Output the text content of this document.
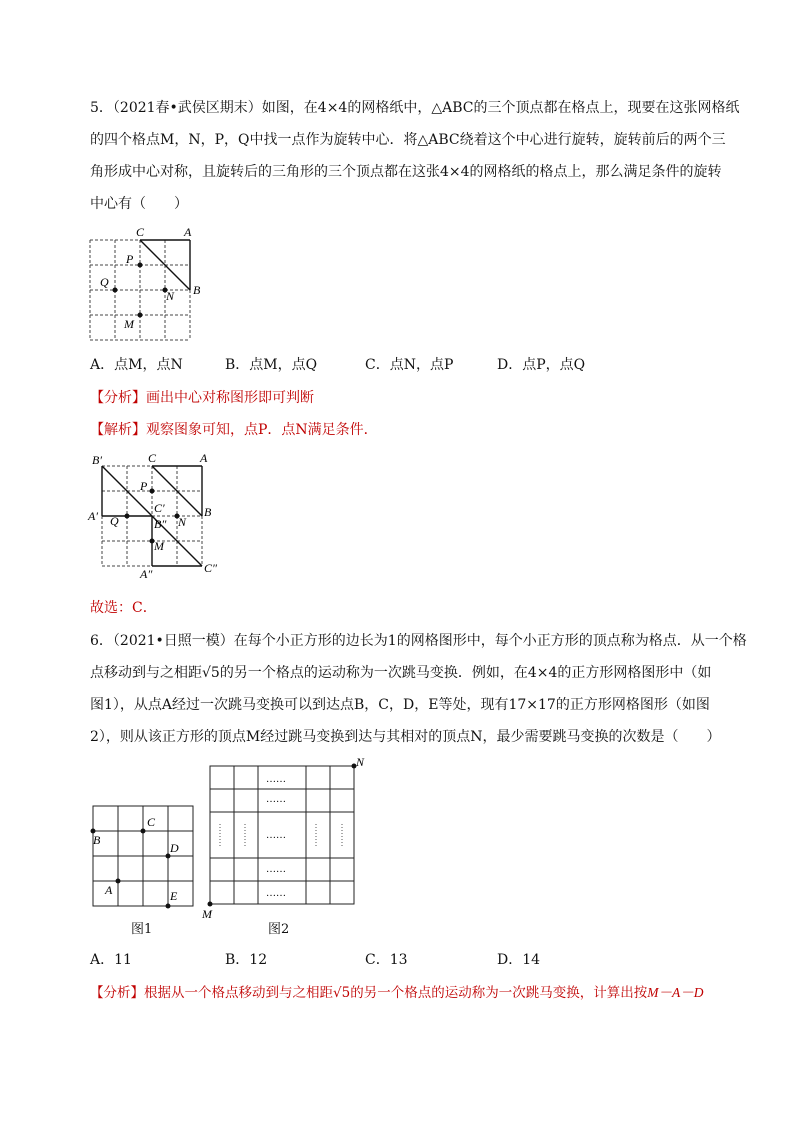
5．（2021春•武侯区期末）如图，在4×4的网格纸中，△ABC的三个顶点都在格点上，现要在这张网格纸
的四个格点M，N，P，Q中找一点作为旋转中心．将△ABC绕着这个中心进行旋转，旋转前后的两个三
角形成中心对称，且旋转后的三角形的三个顶点都在这张4×4的网格纸的格点上，那么满足条件的旋转
中心有（　　）
C	A
P
Q
N B
M
A．点M，点N	B．点M，点Q	C．点N，点P	D．点P，点Q
【分析】画出中心对称图形即可判断
【解析】观察图象可知，点P．点N满足条件．
B′	C	A
P
A′ Q
C′
B″ N
B
M
A″	C″
故选：C．
6．（2021•日照一模）在每个小正方形的边长为1的网格图形中，每个小正方形的顶点称为格点．从一个格
点移动到与之相距√5的另一个格点的运动称为一次跳马变换．例如，在4×4的正方形网格图形中（如
图1），从点A经过一次跳马变换可以到达点B，C，D，E等处，现有17×17的正方形网格图形（如图
2），则从该正方形的顶点M经过跳马变换到达与其相对的顶点N，最少需要跳马变换的次数是（　　）
C
B
D
A	E
图1
……
……
……
……
……
N
M
图2
A．11	B．12	C．13	D．14
【分析】根据从一个格点移动到与之相距√5的另一个格点的运动称为一次跳马变换，计算出按M－A－D
